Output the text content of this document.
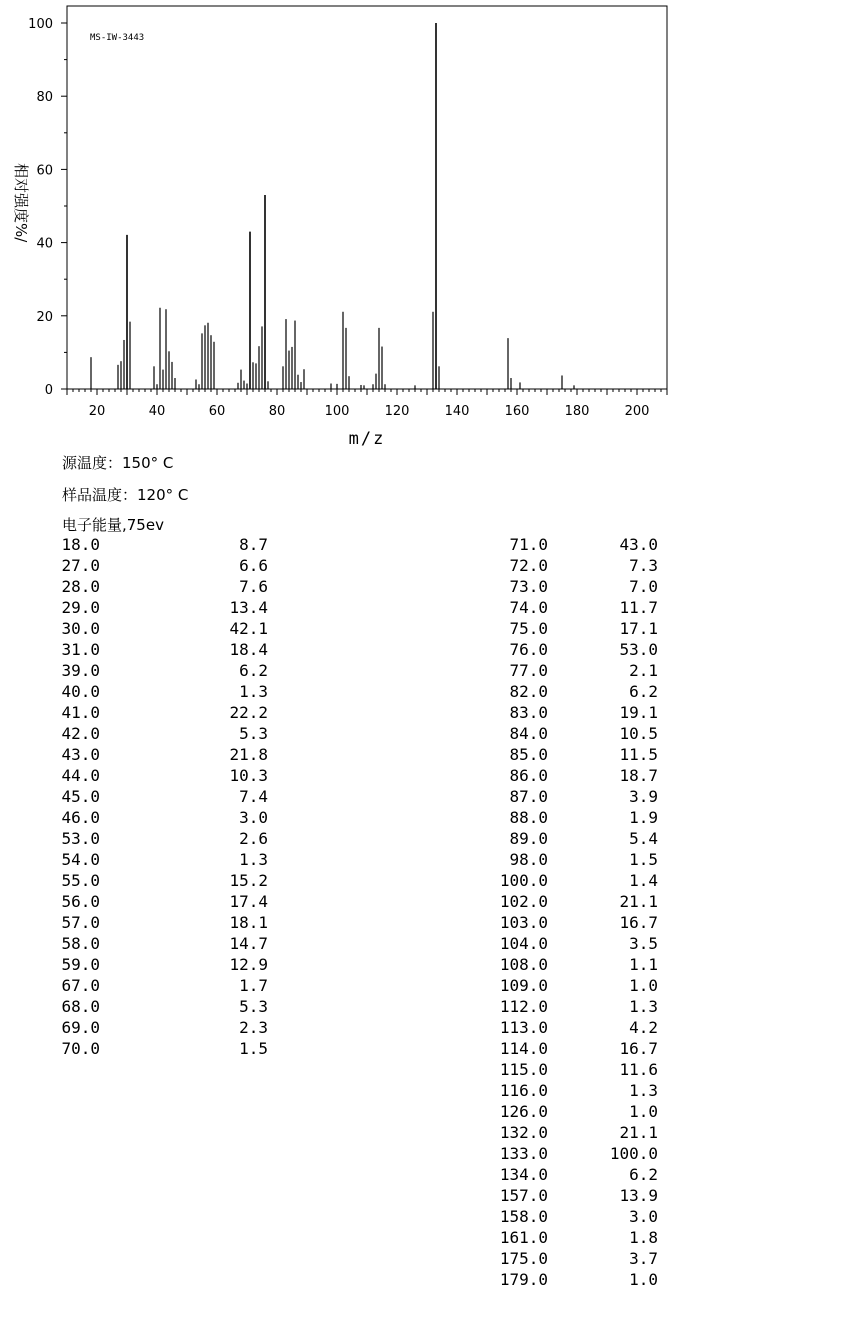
0
20
40
60
80
100
20	40	60	80	100	120	140	160	180	200
MS-IW-3443
m/z
相对强度%/
源温度：150° C
样品温度：120° C
电子能量,75ev
18.0	8.7
27.0	6.6
28.0	7.6
29.0	13.4
30.0	42.1
31.0	18.4
39.0	6.2
40.0	1.3
41.0	22.2
42.0	5.3
43.0	21.8
44.0	10.3
45.0	7.4
46.0	3.0
53.0	2.6
54.0	1.3
55.0	15.2
56.0	17.4
57.0	18.1
58.0	14.7
59.0	12.9
67.0	1.7
68.0	5.3
69.0	2.3
70.0	1.5
71.0	43.0
72.0	7.3
73.0	7.0
74.0	11.7
75.0	17.1
76.0	53.0
77.0	2.1
82.0	6.2
83.0	19.1
84.0	10.5
85.0	11.5
86.0	18.7
87.0	3.9
88.0	1.9
89.0	5.4
98.0	1.5
100.0	1.4
102.0	21.1
103.0	16.7
104.0	3.5
108.0	1.1
109.0	1.0
112.0	1.3
113.0	4.2
114.0	16.7
115.0	11.6
116.0	1.3
126.0	1.0
132.0	21.1
133.0	100.0
134.0	6.2
157.0	13.9
158.0	3.0
161.0	1.8
175.0	3.7
179.0	1.0
